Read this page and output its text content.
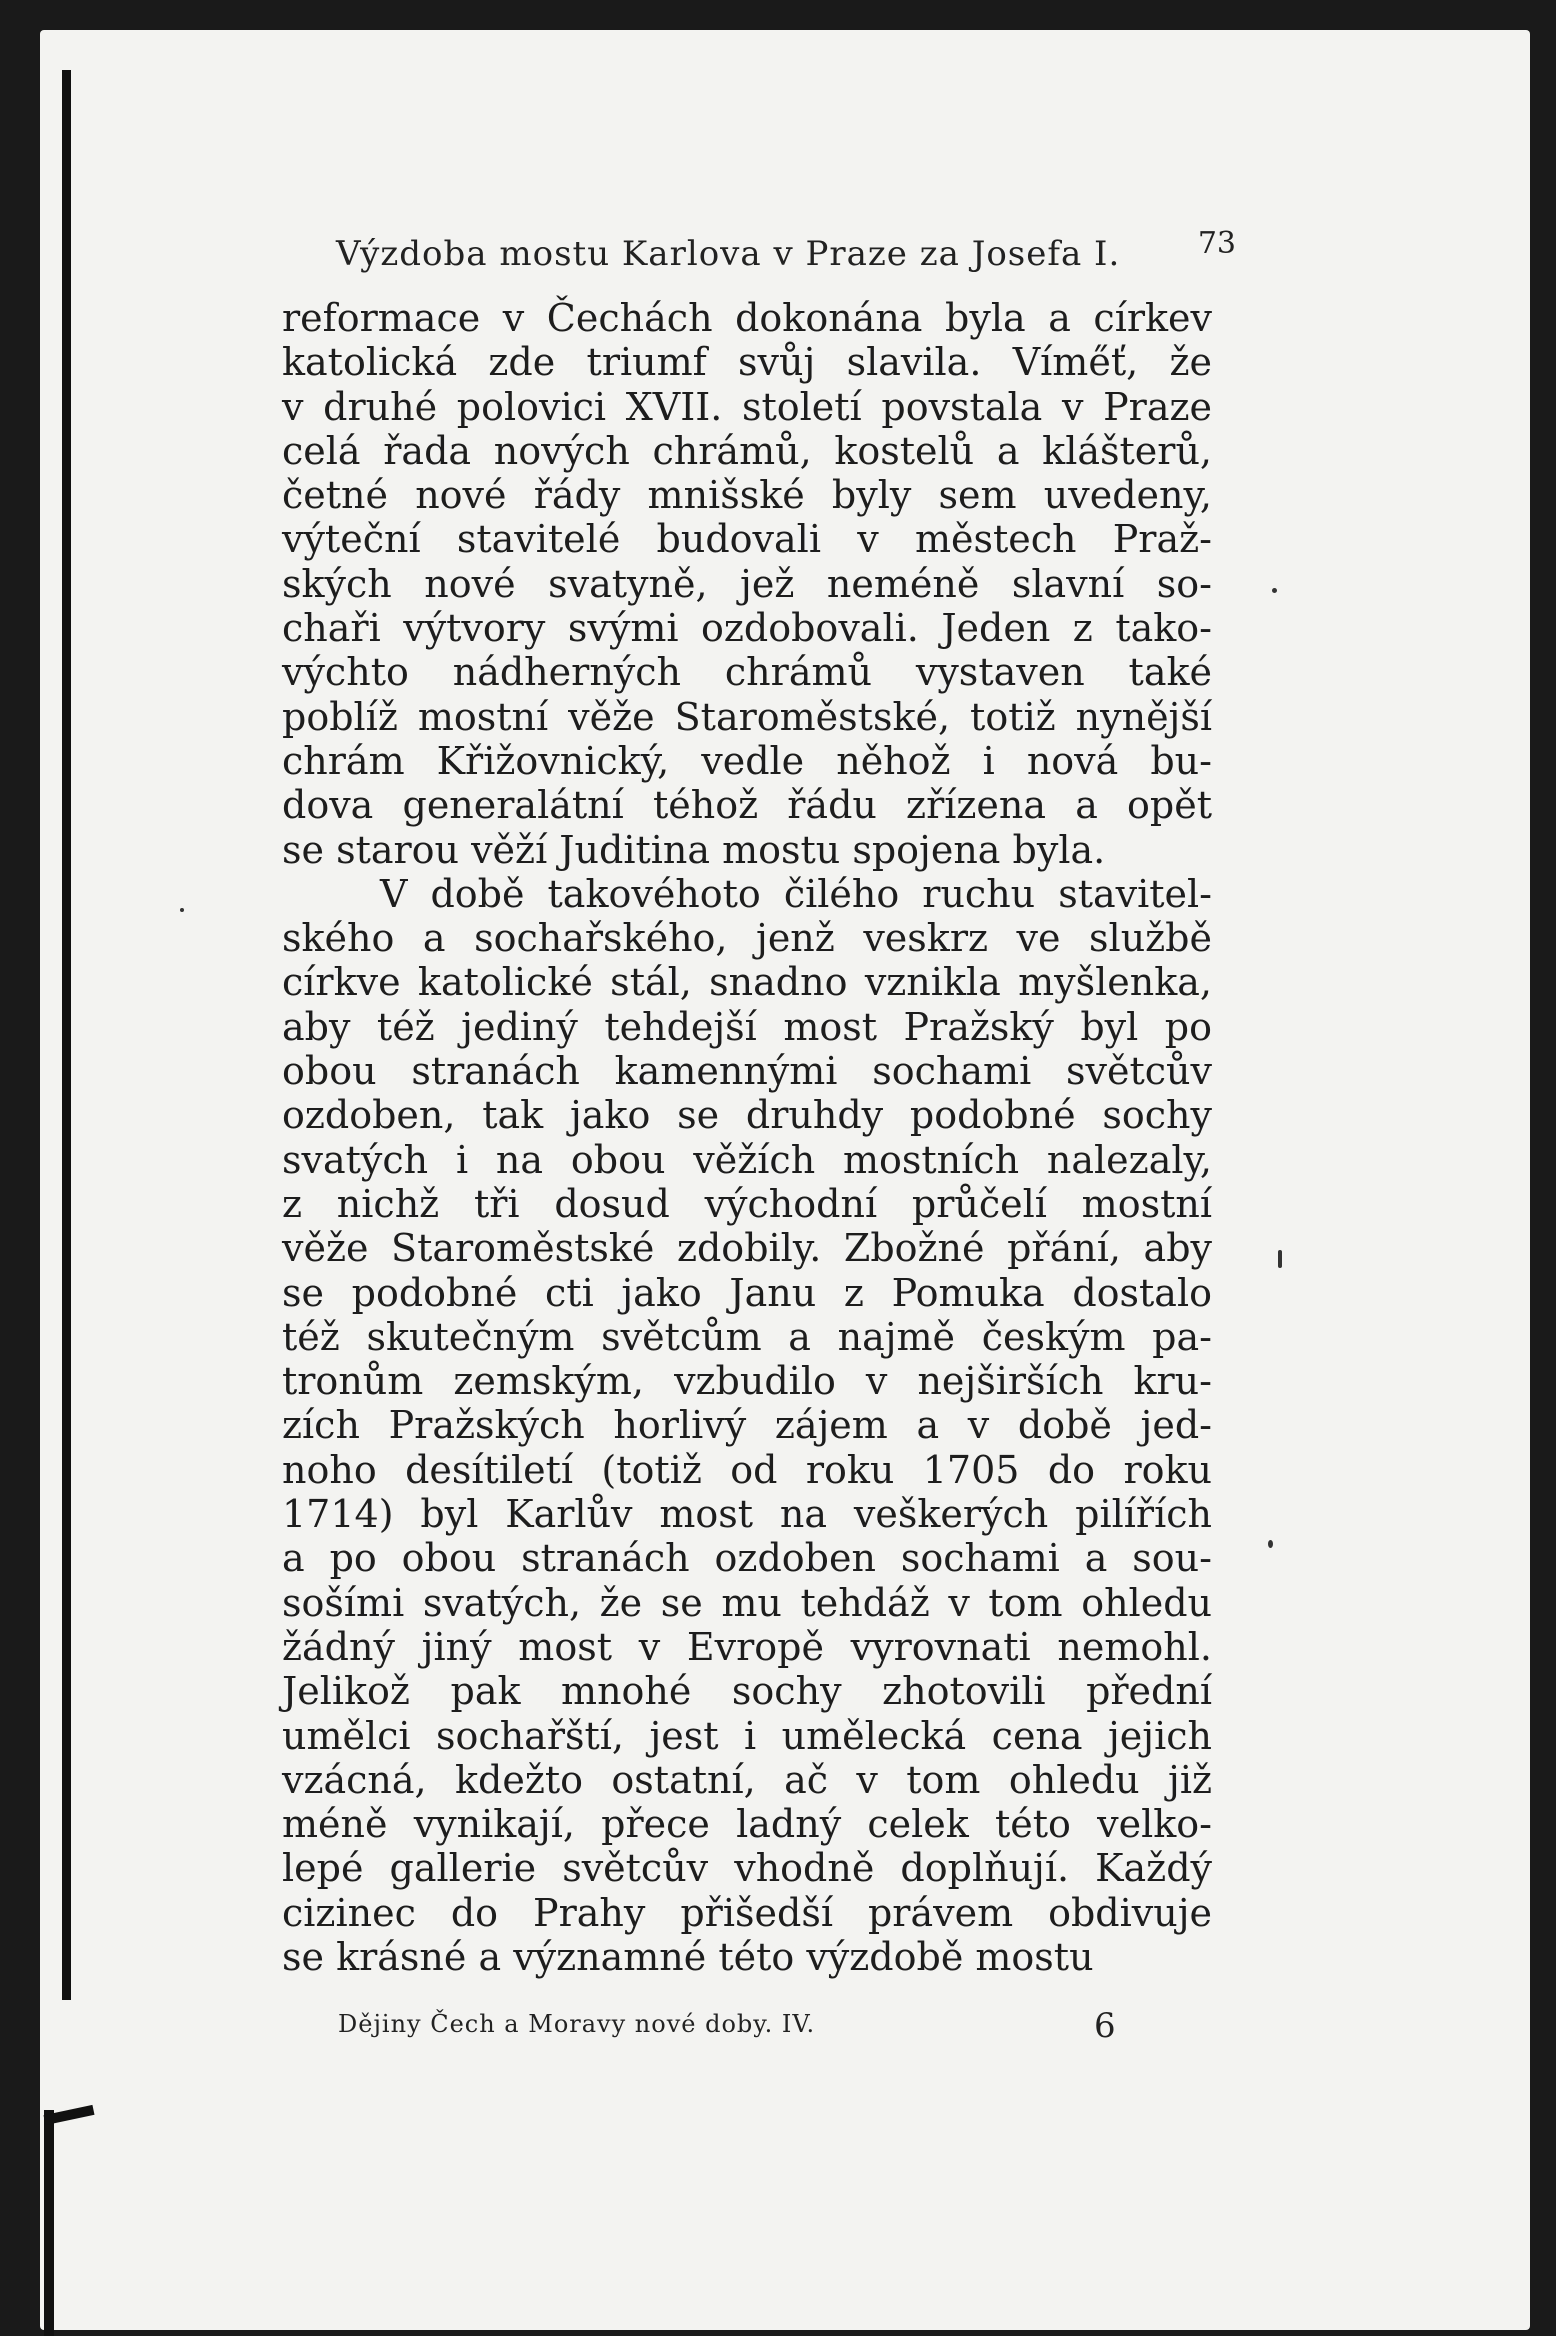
Výzdoba mostu Karlova v Praze za Josefa I.	73
reformace v Čechách dokonána byla a církev
katolická zde triumf svůj slavila. Víme̋ť, že
v druhé polovici XVII. století povstala v Praze
celá řada nových chrámů, kostelů a klášterů,
četné nové řády mnišské byly sem uvedeny,
výteční stavitelé budovali v městech Praž-
ských nové svatyně, jež neméně slavní so-
chaři výtvory svými ozdobovali. Jeden z tako-
výchto nádherných chrámů vystaven také
poblíž mostní věže Staroměstské, totiž nynější
chrám Křižovnický, vedle něhož i nová bu-
dova generalátní téhož řádu zřízena a opět
se starou věží Juditina mostu spojena byla.
V době takovéhoto čilého ruchu stavitel-
ského a sochařského, jenž veskrz ve službě
církve katolické stál, snadno vznikla myšlenka,
aby též jediný tehdejší most Pražský byl po
obou stranách kamennými sochami světcův
ozdoben, tak jako se druhdy podobné sochy
svatých i na obou věžích mostních nalezaly,
z nichž tři dosud východní průčelí mostní
věže Staroměstské zdobily. Zbožné přání, aby
se podobné cti jako Janu z Pomuka dostalo
též skutečným světcům a najmě českým pa-
tronům zemským, vzbudilo v nejširších kru-
zích Pražských horlivý zájem a v době jed-
noho desítiletí (totiž od roku 1705 do roku
1714) byl Karlův most na veškerých pilířích
a po obou stranách ozdoben sochami a sou-
sošími svatých, že se mu tehdáž v tom ohledu
žádný jiný most v Evropě vyrovnati nemohl.
Jelikož pak mnohé sochy zhotovili přední
umělci sochařští, jest i umělecká cena jejich
vzácná, kdežto ostatní, ač v tom ohledu již
méně vynikají, přece ladný celek této velko-
lepé gallerie světcův vhodně doplňují. Každý
cizinec do Prahy přišedší právem obdivuje
se krásné a významné této výzdobě mostu
Dějiny Čech a Moravy nové doby. IV.	6
